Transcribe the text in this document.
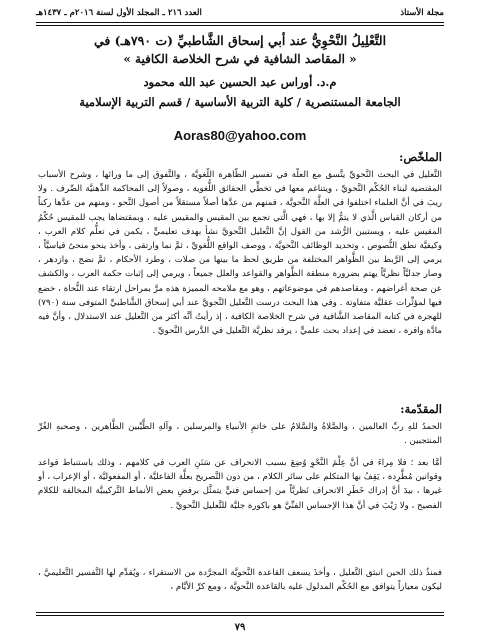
مجلة الأستاذ
العدد ٢١٦ ـ المجلد الأول لسنة ٢٠١٦م ـ ١٤٣٧هـ
التَّعْلِيلُ النَّحْوِيُّ عند أبي إسحاق الشَّاطبيِّ (ت ٧٩٠هـ) في
« المقاصد الشافية في شرح الخلاصة الكافية »
م.د. أوراس عبد الحسين عبد الله محمود
الجامعة المستنصرية / كلية التربية الأساسية / قسم التربية الإسلامية
Aoras80@yahoo.com
الملخّص:

التَّعليل في البحث النَّحويِّ يتَّسق مع العلَّة في تفسير الظَّاهرة اللُّغويَّة ، والتَّفوق إلى ما ورائها ، وشرح الأسباب المقتضية لبناء الحُكْم النَّحويِّ ، ويتناغم معها في تخطِّي الحقائق اللُّغوية ، وصولاً إلى المحاكمة الذِّهنيَّة الصِّرف . ولا ريبَ في أنَّ العلماء اختلفوا في العلَّة النَّحويَّة ، فمنهم من عدَّها أصلاً مستقلاً من أصول النَّحو ، ومنهم من عدَّها ركناً من أركان القياس الَّذي لا يتمُّ إلا بها ، فهي الَّتي تجمع بين المقيس والمقيس عليه ، وبمقتضاها يجب للمقيس حُكْمُ المقيس عليه ، ويستبين الرُّشد من القول إنَّ التَّعليل النَّحويَّ نشأ بهدف تعليميٍّ ، يكمن في تعلُّم كلام العرب ، وكيفيَّة نطق النُّصوص ، وتحديد الوظائف النَّحويَّة ، ووصف الواقع اللُّغويِّ ، ثمَّ نما وارتقى ، وأخذ ينحو منحىً قياسيَّاً ، يرمي إلى الرَّبط بين الظَّواهر المختلفة من طريق لحظ ما بينها من صلات ، وطرد الأحكام ، ثمَّ نضج ، وازدهر ، وصار جدليَّاً نظريَّاً يهتم بضرورة منطقة الظَّواهر والقواعد والعلل جميعاً ، ويرمي إلى إثبات حكمة العرب ، والكشف عن صحة أغراضهم ، ومقاصدهم في موضوعاتهم ، وهو مع ملامحه المميزة هذه مرَّ بمراحل ارتقاء عند النُّحاة ، خضع فيها لمؤثِّرات عقليَّة متفاوتة . وفي هذا البحث درست التَّعليل النَّحويَّ عند أبي إسحاق الشَّاطبيِّ المتوفى سنة (٧٩٠) للهجرة في كتابه المقاصد الشَّافية في شرح الخلاصة الكافية ، إذ رأيتُ أنَّه أكثر من التَّعليل عند الاستدلال ، وأنَّ فيه مادَّة وافرة ، تعضد في إعداد بحث علميٍّ ، يرفد نظريَّة التَّعليل في الدَّرس النَّحويِّ .

المقدّمة:

الحمدُ للهِ ربِّ العالمين ، والصَّلاةُ والسَّلامُ على خاتمِ الأنبياءِ والمرسلين ، وآلهِ الطَّيِّبين الطَّاهرين ، وصحبهِ الغُرِّ المنتجبين .

أمَّا بعد ؛ فلا مِراءَ في أنَّ عِلْمَ النَّحْوِ وُضِعَ بسبب الانحراف عن سَنَنِ العرب في كلامهم ، وذلك باستنباط قواعد وقوانين مُطَّرِدة ، يَقِفُ بها المتكلم على سائر الكلام ، من دون التَّصريح بعلَّة الفاعليَّة ، أو المفعوليَّة ، أو الإعراب ، أو غيرها ، بيدَ أنَّ إدراك خَطَرِ الانحراف نَظريَّاً من إحساس فنيٍّ يتمثَّل برفضِ بعض الأنماط التَّركيبيَّة المخالفة للكلام الفصيح ، ولا رَيْبَ في أنَّ هذا الإحساس الفنِّيَّ هو باكورة جليَّة للتَّعليل النَّحويِّ .

فمنذُ ذلك الحين انبثق التَّعليل ، وأخذَ يسعف القاعدة النَّحويَّة المجرَّدة من الاستقراء ، ويُقدِّم لها التَّفسير التَّعليميَّ ، ليكون معياراً يتوافق مع الحُكْم المدلول عليه بالقاعدة النَّحويَّة ، ومع كرِّ الأيَّام ،

٧٩
